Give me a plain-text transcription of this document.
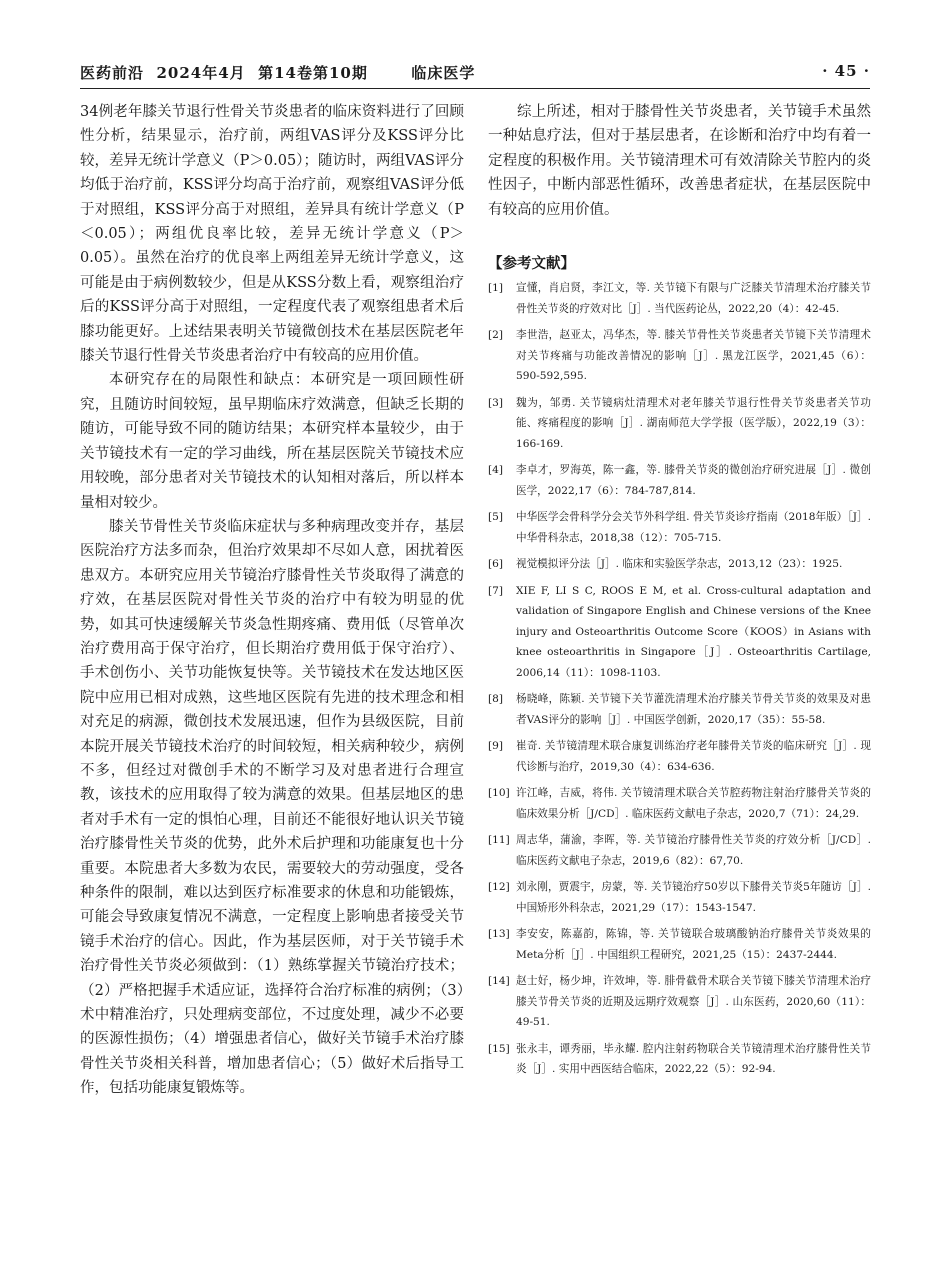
医药前沿 2024年4月 第14卷第10期	临床医学	· 45 ·

34例老年膝关节退行性骨关节炎患者的临床资料进行了回顾性分析，结果显示，治疗前，两组VAS评分及KSS评分比较，差异无统计学意义（P＞0.05）；随访时，两组VAS评分均低于治疗前，KSS评分均高于治疗前，观察组VAS评分低于对照组，KSS评分高于对照组，差异具有统计学意义（P＜0.05）；两组优良率比较，差异无统计学意义（P＞0.05）。虽然在治疗的优良率上两组差异无统计学意义，这可能是由于病例数较少，但是从KSS分数上看，观察组治疗后的KSS评分高于对照组，一定程度代表了观察组患者术后膝功能更好。上述结果表明关节镜微创技术在基层医院老年膝关节退行性骨关节炎患者治疗中有较高的应用价值。

本研究存在的局限性和缺点：本研究是一项回顾性研究，且随访时间较短，虽早期临床疗效满意，但缺乏长期的随访，可能导致不同的随访结果；本研究样本量较少，由于关节镜技术有一定的学习曲线，所在基层医院关节镜技术应用较晚，部分患者对关节镜技术的认知相对落后，所以样本量相对较少。

膝关节骨性关节炎临床症状与多种病理改变并存，基层医院治疗方法多而杂，但治疗效果却不尽如人意，困扰着医患双方。本研究应用关节镜治疗膝骨性关节炎取得了满意的疗效，在基层医院对骨性关节炎的治疗中有较为明显的优势，如其可快速缓解关节炎急性期疼痛、费用低（尽管单次治疗费用高于保守治疗，但长期治疗费用低于保守治疗）、手术创伤小、关节功能恢复快等。关节镜技术在发达地区医院中应用已相对成熟，这些地区医院有先进的技术理念和相对充足的病源，微创技术发展迅速，但作为县级医院，目前本院开展关节镜技术治疗的时间较短，相关病种较少，病例不多，但经过对微创手术的不断学习及对患者进行合理宣教，该技术的应用取得了较为满意的效果。但基层地区的患者对手术有一定的惧怕心理，目前还不能很好地认识关节镜治疗膝骨性关节炎的优势，此外术后护理和功能康复也十分重要。本院患者大多数为农民，需要较大的劳动强度，受各种条件的限制，难以达到医疗标准要求的休息和功能锻炼，可能会导致康复情况不满意，一定程度上影响患者接受关节镜手术治疗的信心。因此，作为基层医师，对于关节镜手术治疗骨性关节炎必须做到：（1）熟练掌握关节镜治疗技术；（2）严格把握手术适应证，选择符合治疗标准的病例；（3）术中精准治疗，只处理病变部位，不过度处理，减少不必要的医源性损伤；（4）增强患者信心，做好关节镜手术治疗膝骨性关节炎相关科普，增加患者信心；（5）做好术后指导工作，包括功能康复锻炼等。

综上所述，相对于膝骨性关节炎患者，关节镜手术虽然一种姑息疗法，但对于基层患者，在诊断和治疗中均有着一定程度的积极作用。关节镜清理术可有效清除关节腔内的炎性因子，中断内部恶性循环，改善患者症状，在基层医院中有较高的应用价值。

【参考文献】
[1] 宣懂，肖启贤，李江文，等. 关节镜下有限与广泛膝关节清理术治疗膝关节骨性关节炎的疗效对比［J］. 当代医药论丛，2022,20（4）：42-45.
[2] 李世浩，赵亚太，冯华杰，等. 膝关节骨性关节炎患者关节镜下关节清理术对关节疼痛与功能改善情况的影响［J］. 黑龙江医学，2021,45（6）：590-592,595.
[3] 魏为，邹勇. 关节镜病灶清理术对老年膝关节退行性骨关节炎患者关节功能、疼痛程度的影响［J］. 湖南师范大学学报（医学版），2022,19（3）：166-169.
[4] 李卓才，罗海英，陈一鑫，等. 膝骨关节炎的微创治疗研究进展［J］. 微创医学，2022,17（6）：784-787,814.
[5] 中华医学会骨科学分会关节外科学组. 骨关节炎诊疗指南（2018年版）［J］. 中华骨科杂志，2018,38（12）：705-715.
[6] 视觉模拟评分法［J］. 临床和实验医学杂志，2013,12（23）：1925.
[7] XIE F, LI S C, ROOS E M, et al. Cross-cultural adaptation and validation of Singapore English and Chinese versions of the Knee injury and Osteoarthritis Outcome Score（KOOS）in Asians with knee osteoarthritis in Singapore［J］. Osteoarthritis Cartilage, 2006,14（11）：1098-1103.
[8] 杨晓峰，陈颖. 关节镜下关节灌洗清理术治疗膝关节骨关节炎的效果及对患者VAS评分的影响［J］. 中国医学创新，2020,17（35）：55-58.
[9] 崔奇. 关节镜清理术联合康复训练治疗老年膝骨关节炎的临床研究［J］. 现代诊断与治疗，2019,30（4）：634-636.
[10] 许江峰，吉威，将伟. 关节镜清理术联合关节腔药物注射治疗膝骨关节炎的临床效果分析［J/CD］. 临床医药文献电子杂志，2020,7（71）：24,29.
[11] 周志华，蒲渝，李晖，等. 关节镜治疗膝骨性关节炎的疗效分析［J/CD］. 临床医药文献电子杂志，2019,6（82）：67,70.
[12] 刘永刚，贾震宇，房蒙，等. 关节镜治疗50岁以下膝骨关节炎5年随访［J］. 中国矫形外科杂志，2021,29（17）：1543-1547.
[13] 李安安，陈嘉韵，陈锦，等. 关节镜联合玻璃酸钠治疗膝骨关节炎效果的Meta分析［J］. 中国组织工程研究，2021,25（15）：2437-2444.
[14] 赵士好，杨少坤，许效坤，等. 腓骨截骨术联合关节镜下膝关节清理术治疗膝关节骨关节炎的近期及远期疗效观察［J］. 山东医药，2020,60（11）：49-51.
[15] 张永丰，谭秀丽，毕永耀. 腔内注射药物联合关节镜清理术治疗膝骨性关节炎［J］. 实用中西医结合临床，2022,22（5）：92-94.
